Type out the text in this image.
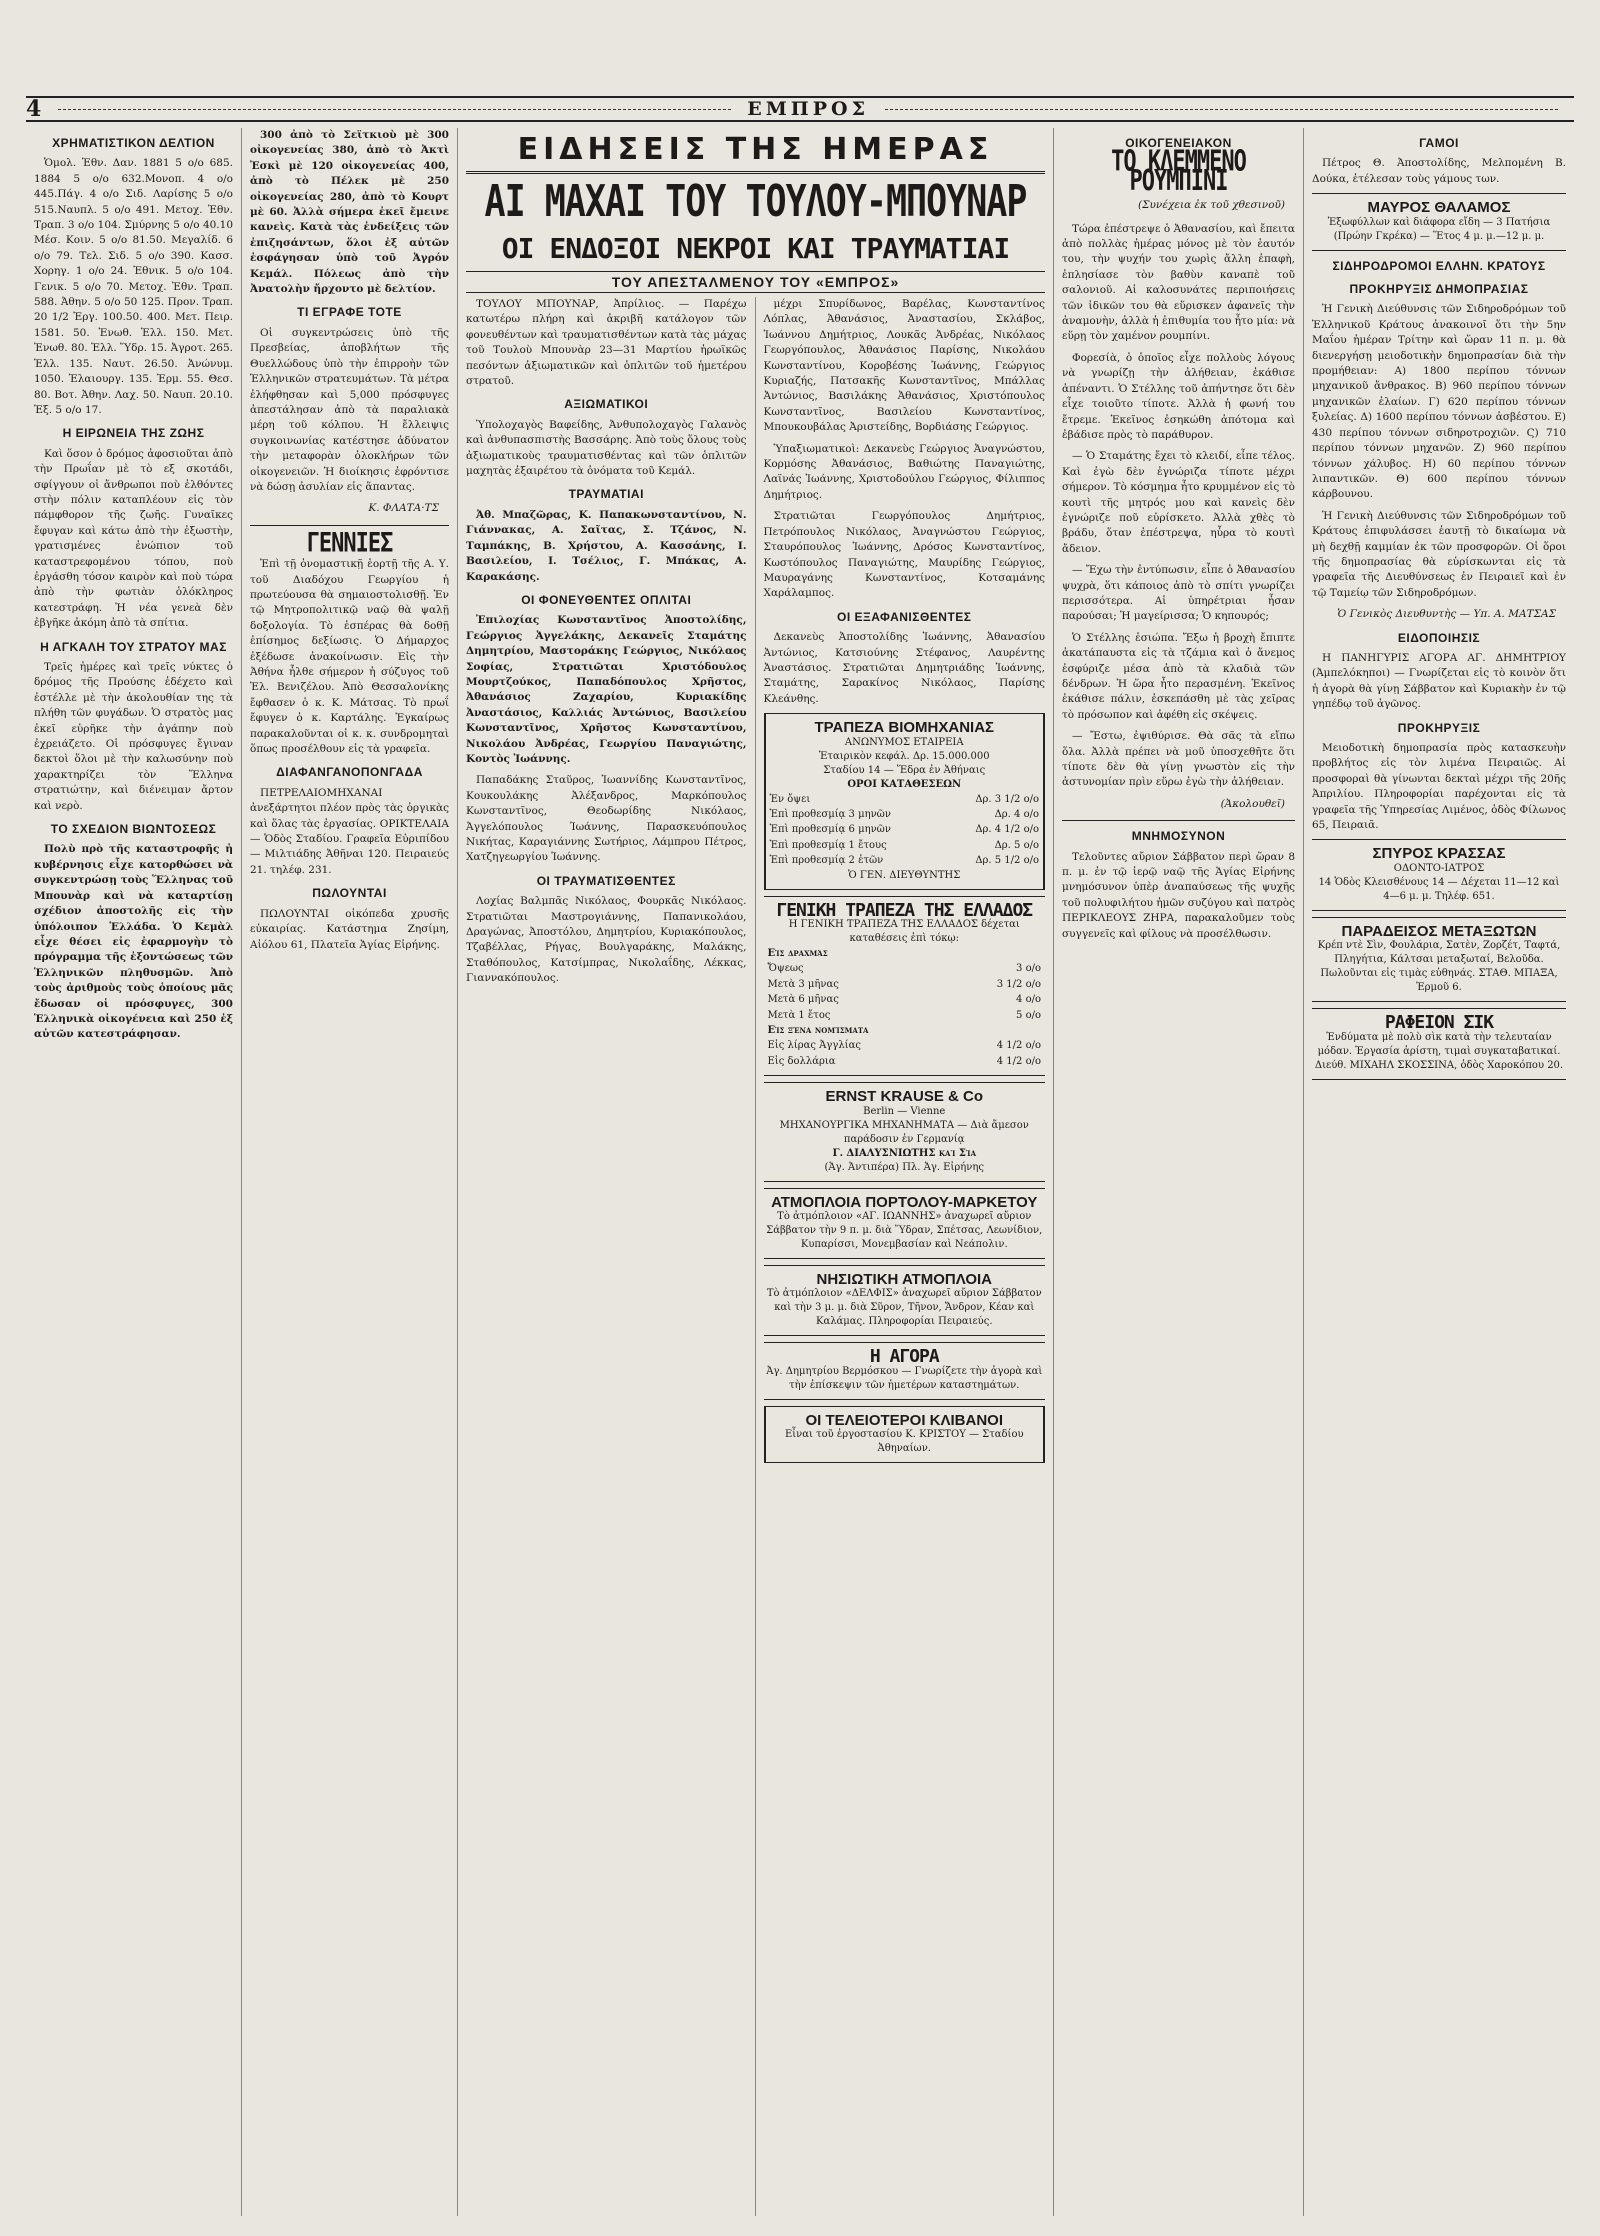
4	ΕΜΠΡΟΣ
ΧΡΗΜΑΤΙΣΤΙΚΟΝ ΔΕΛΤΙΟΝ

Ὁμολ. Ἐθν. Δαν. 1881 5 ο/ο 685. 1884 5 ο/ο 632.Μονοπ. 4 ο/ο 445.Πάγ. 4 ο/ο Σιδ. Λαρίσης 5 ο/ο 515.Ναυπλ. 5 ο/ο 491. Μετοχ. Ἐθν. Τραπ. 3 ο/ο 104. Σμύρνης 5 ο/ο 40.10 Μέσ. Κοιν. 5 ο/ο 81.50. Μεγαλίδ. 6 ο/ο 79. Τελ. Σιδ. 5 ο/ο 390. Κασσ. Χορηγ. 1 ο/ο 24. Ἐθνικ. 5 ο/ο 104. Γενικ. 5 ο/ο 70. Μετοχ. Ἐθν. Τραπ. 588. Ἀθην. 5 ο/ο 50 125. Προν. Τραπ. 20 1/2 Ἐργ. 100.50. 400. Μετ. Πειρ. 1581. 50. Ἐνωθ. Ἑλλ. 150. Μετ. Ἐνωθ. 80. Ἑλλ. Ὕδρ. 15. Ἀγροτ. 265. Ἑλλ. 135. Ναυτ. 26.50. Ἀνώνυμ. 1050. Ἐλαιουργ. 135. Ἑρμ. 55. Θεσ. 80. Βοτ. Ἀθην. Λαχ. 50. Ναυπ. 20.10. Ἐξ. 5 ο/ο 17.

Η ΕΙΡΩΝΕΙΑ ΤΗΣ ΖΩΗΣ

Καὶ ὅσον ὁ δρόμος ἀφοσιοῦται ἀπὸ τὴν Πρωΐαν μὲ τὸ εξ σκοτάδι, σφίγγουν οἱ ἄνθρωποι ποὺ ἐλθόντες στὴν πόλιν καταπλέουν εἰς τὸν πάμφθορον τῆς ζωῆς. Γυναῖκες ἔφυγαν καὶ κάτω ἀπὸ τὴν ἐξωστὴν, γρατισμένες ἐνώπιον τοῦ καταστρεφομένου τόπου, ποὺ ἐργάσθη τόσον καιρὸν καὶ ποὺ τώρα ἀπὸ τὴν φωτιὰν ὁλόκληρος κατεστράφη. Ἡ νέα γενεὰ δὲν ἐβγῆκε ἀκόμη ἀπὸ τὰ σπίτια.

Η ΑΓΚΑΛΗ ΤΟΥ ΣΤΡΑΤΟΥ ΜΑΣ

Τρεῖς ἡμέρες καὶ τρεῖς νύκτες ὁ δρόμος τῆς Προύσης ἐδέχετο καὶ ἐστέλλε μὲ τὴν ἀκολουθίαν της τὰ πλήθη τῶν φυγάδων. Ὁ στρατὸς μας ἐκεῖ εὑρῆκε τὴν ἀγάπην ποὺ ἐχρειάζετο. Οἱ πρόσφυγες ἔγιναν δεκτοὶ ὅλοι μὲ τὴν καλωσύνην ποὺ χαρακτηρίζει τὸν Ἕλληνα στρατιώτην, καὶ διένειμαν ἄρτον καὶ νερὸ.

ΤΟ ΣΧΕΔΙΟΝ ΒΙΩΝΤΟΣΕΩΣ

Πολὺ πρὸ τῆς καταστροφῆς ἡ κυβέρνησις εἶχε κατορθώσει νὰ συγκεντρώσῃ τοὺς Ἕλληνας τοῦ Μπουνὰρ καὶ νὰ καταρτίσῃ σχέδιον ἀποστολῆς εἰς τὴν ὑπόλοιπον Ἑλλάδα. Ὁ Κεμὰλ εἶχε θέσει εἰς ἐφαρμογὴν τὸ πρόγραμμα τῆς ἐξοντώσεως τῶν Ἑλληνικῶν πληθυσμῶν. Ἀπὸ τοὺς ἀριθμοὺς τοὺς ὁποίους μᾶς ἔδωσαν οἱ πρόσφυγες, 300 Ἑλληνικὰ οἰκογένεια καὶ 250 ἐξ αὐτῶν κατεστράφησαν.

300 ἀπὸ τὸ Σεϊτκιοὺ μὲ 300 οἰκογενείας 380, ἀπὸ τὸ Ἀκτὶ Ἐσκὶ μὲ 120 οἰκογενείας 400, ἀπὸ τὸ Πέλεκ μὲ 250 οἰκογενείας 280, ἀπὸ τὸ Κουρτ μὲ 60. Ἀλλὰ σήμερα ἐκεῖ ἔμεινε κανεὶς. Κατὰ τὰς ἐνδείξεις τῶν ἐπιζησάντων, ὅλοι ἐξ αὐτῶν ἐσφάγησαν ὑπὸ τοῦ Ἀγρόν Κεμάλ. Πόλεως ἀπὸ τὴν Ἀνατολὴν ἤρχοντο μὲ δελτίον.

ΤΙ ΕΓΡΑΦΕ ΤΟΤΕ

Οἱ συγκεντρώσεις ὑπὸ τῆς Πρεσβείας, ἀποβλήτων τῆς Θυελλώδους ὑπὸ τὴν ἐπιρροὴν τῶν Ἑλληνικῶν στρατευμάτων. Τὰ μέτρα ἐλήφθησαν καὶ 5,000 πρόσφυγες ἀπεστάλησαν ἀπὸ τὰ παραλιακὰ μέρη τοῦ κόλπου. Ἡ ἔλλειψις συγκοινωνίας κατέστησε ἀδύνατον τὴν μεταφορὰν ὁλοκλήρων τῶν οἰκογενειῶν. Ἡ διοίκησις ἐφρόντισε νὰ δώσῃ ἀσυλίαν εἰς ἅπαντας.

Κ. ΦΛΑΤΑ·ΤΣ
ΓΕΝΝΙΕΣ

Ἐπὶ τῇ ὀνομαστικῇ ἑορτῇ τῆς Α. Υ. τοῦ Διαδόχου Γεωργίου ἡ πρωτεύουσα θὰ σημαιοστολισθῇ. Ἐν τῷ Μητροπολιτικῷ ναῷ θὰ ψαλῇ δοξολογία. Τὸ ἑσπέρας θὰ δοθῇ ἐπίσημος δεξίωσις. Ὁ Δήμαρχος ἐξέδωσε ἀνακοίνωσιν. Εἰς τὴν Ἀθήνα ἦλθε σήμερον ἡ σύζυγος τοῦ Ἐλ. Βενιζέλου. Ἀπὸ Θεσσαλονίκης ἔφθασεν ὁ κ. Κ. Μάτσας. Τὸ πρωΐ ἔφυγεν ὁ κ. Καρτάλης. Ἐγκαίρως παρακαλοῦνται οἱ κ. κ. συνδρομηταὶ ὅπως προσέλθουν εἰς τὰ γραφεῖα.

ΔΙΑΦΑΝΓΑΝΟΠΟΝΓΑΔΑ

ΠΕΤΡΕΛΑΙΟΜΗΧΑΝΑΙ ἀνεξάρτητοι πλέον πρὸς τὰς ὀργικὰς καὶ ὅλας τὰς ἐργασίας. ΟΡΙΚΤΕΛΑΙΑ — Ὁδὸς Σταδίου. Γραφεῖα Εὐριπίδου — Μιλτιάδης Ἀθῆναι 120. Πειραιεύς 21. τηλέφ. 231.

ΠΩΛΟΥΝΤΑΙ

ΠΩΛΟΥΝΤΑΙ οἰκόπεδα χρυσῆς εὐκαιρίας. Κατάστημα Ζησίμη, Αἰόλου 61, Πλατεῖα Ἁγίας Εἰρήνης.

ΕΙΔΗΣΕΙΣ ΤΗΣ ΗΜΕΡΑΣ
ΑΙ ΜΑΧΑΙ ΤΟΥ ΤΟΥΛΟΥ-ΜΠΟΥΝΑΡ
ΟΙ ΕΝΔΟΞΟΙ ΝΕΚΡΟΙ ΚΑΙ ΤΡΑΥΜΑΤΙΑΙ
ΤΟΥ ΑΠΕΣΤΑΛΜΕΝΟΥ ΤΟΥ «ΕΜΠΡΟΣ»

ΤΟΥΛΟΥ ΜΠΟΥΝΑΡ, Ἀπρίλιος. — Παρέχω κατωτέρω πλήρη καὶ ἀκριβῆ κατάλογον τῶν φονευθέντων καὶ τραυματισθέντων κατὰ τὰς μάχας τοῦ Τουλοὺ Μπουνὰρ 23—31 Μαρτίου ἡρωϊκῶς πεσόντων ἀξιωματικῶν καὶ ὁπλιτῶν τοῦ ἡμετέρου στρατοῦ.

ΑΞΙΩΜΑΤΙΚΟΙ

Ὑπολοχαγὸς Βαφείδης, Ἀνθυπολοχαγὸς Γαλανὸς καὶ ἀνθυπασπιστὴς Βασσάρης. Ἀπὸ τοὺς ὅλους τοὺς ἀξιωματικοὺς τραυματισθέντας καὶ τῶν ὁπλιτῶν μαχητὰς ἐξαιρέτου τὰ ὀνόματα τοῦ Κεμάλ.

ΤΡΑΥΜΑΤΙΑΙ

Ἀθ. Μπαζῶρας, Κ. Παπακωνσταντίνου, Ν. Γιάννακας, Α. Σαῖτας, Σ. Τζάνος, Ν. Ταμπάκης, Β. Χρήστου, Α. Κασσάνης, Ι. Βασιλείου, Ι. Τσέλιος, Γ. Μπάκας, Α. Καρακάσης.

ΟΙ ΦΟΝΕΥΘΕΝΤΕΣ ΟΠΛΙΤΑΙ

Ἐπιλοχίας Κωνσταντῖνος Ἀποστολίδης, Γεώργιος Ἀγγελάκης, Δεκανεῖς Σταμάτης Δημητρίου, Μαστοράκης Γεώργιος, Νικόλαος Σοφίας, Στρατιῶται Χριστόδουλος Μουρτζούκος, Παπαδόπουλος Χρῆστος, Ἀθανάσιος Ζαχαρίου, Κυριακίδης Ἀναστάσιος, Καλλιάς Ἀντώνιος, Βασιλείου Κωνσταντῖνος, Χρῆστος Κωνσταντίνου, Νικολάου Ἀνδρέας, Γεωργίου Παναγιώτης, Κοντὸς Ἰωάννης.

Παπαδάκης Σταῦρος, Ἰωαννίδης Κωνσταντῖνος, Κουκουλάκης Ἀλέξανδρος, Μαρκόπουλος Κωνσταντῖνος, Θεοδωρίδης Νικόλαος, Ἀγγελόπουλος Ἰωάννης, Παρασκευόπουλος Νικήτας, Καραγιάννης Σωτήριος, Λάμπρου Πέτρος, Χατζηγεωργίου Ἰωάννης.

ΟΙ ΤΡΑΥΜΑΤΙΣΘΕΝΤΕΣ

Λοχίας Βαλμπᾶς Νικόλαος, Φουρκᾶς Νικόλαος. Στρατιῶται Μαστρογιάννης, Παπανικολάου, Δραγώνας, Ἀποστόλου, Δημητρίου, Κυριακόπουλος, Τζαβέλλας, Ρήγας, Βουλγαράκης, Μαλάκης, Σταθόπουλος, Κατσίμπρας, Νικολαΐδης, Λέκκας, Γιαννακόπουλος.

μέχρι Σπυρίδωνος, Βαρέλας, Κωνσταντίνος Λόπλας, Ἀθανάσιος, Ἀναστασίου, Σκλάβος, Ἰωάννου Δημήτριος, Λουκᾶς Ἀνδρέας, Νικόλαος Γεωργόπουλος, Ἀθανάσιος Παρίσης, Νικολάου Κωνσταντίνου, Κοροβέσης Ἰωάννης, Γεώργιος Κυριαζής, Πατσακῆς Κωνσταντῖνος, Μπάλλας Ἀντώνιος, Βασιλάκης Ἀθανάσιος, Χριστόπουλος Κωνσταντῖνος, Βασιλείου Κωνσταντίνος, Μπουκουβάλας Ἀριστείδης, Βορδιάσης Γεώργιος.

Ὑπαξιωματικοὶ: Δεκανεὺς Γεώργιος Ἀναγνώστου, Κορμόσης Ἀθανάσιος, Βαθιώτης Παναγιώτης, Λαϊνάς Ἰωάννης, Χριστοδούλου Γεώργιος, Φίλιππος Δημήτριος.

Στρατιῶται Γεωργόπουλος Δημήτριος, Πετρόπουλος Νικόλαος, Ἀναγνώστου Γεώργιος, Σταυρόπουλος Ἰωάννης, Δρόσος Κωνσταντίνος, Κωστόπουλος Παναγιώτης, Μαυρίδης Γεώργιος, Μαυραγάνης Κωνσταντίνος, Κοτσαμάνης Χαράλαμπος.

ΟΙ ΕΞΑΦΑΝΙΣΘΕΝΤΕΣ

Δεκανεὺς Ἀποστολίδης Ἰωάννης, Ἀθανασίου Ἀντώνιος, Κατσιούνης Στέφανος, Λαυρέντης Ἀναστάσιος. Στρατιῶται Δημητριάδης Ἰωάννης, Σταμάτης, Σαρακίνος Νικόλαος, Παρίσης Κλεάνθης.

ΤΡΑΠΕΖΑ ΒΙΟΜΗΧΑΝΙΑΣ
ΑΝΩΝΥΜΟΣ ΕΤΑΙΡΕΙΑ
Ἐταιρικὸν κεφάλ. Δρ. 15.000.000
Σταδίου 14 — Ἕδρα ἐν Ἀθήναις
ΟΡΟΙ ΚΑΤΑΘΕΣΕΩΝ
Ἐν ὄψει	Δρ. 3 1/2 ο/ο
Ἐπὶ προθεσμίᾳ 3 μηνῶν	Δρ. 4 ο/ο
Ἐπὶ προθεσμίᾳ 6 μηνῶν	Δρ. 4 1/2 ο/ο
Ἐπὶ προθεσμίᾳ 1 ἔτους	Δρ. 5 ο/ο
Ἐπὶ προθεσμίᾳ 2 ἐτῶν	Δρ. 5 1/2 ο/ο
Ὁ ΓΕΝ. ΔΙΕΥΘΥΝΤΗΣ
ΓΕΝΙΚΗ ΤΡΑΠΕΖΑ ΤΗΣ ΕΛΛΑΔΟΣ
Η ΓΕΝΙΚΗ ΤΡΑΠΕΖΑ ΤΗΣ ΕΛΛΑΔΟΣ δέχεται καταθέσεις ἐπὶ τόκῳ:
Εἰς δραχμάς	
Ὄψεως	3 ο/ο
Μετὰ 3 μῆνας	3 1/2 ο/ο
Μετὰ 6 μῆνας	4 ο/ο
Μετὰ 1 ἔτος	5 ο/ο
Εἰς ξένα νομίσματα	
Εἰς λίρας Ἀγγλίας	4 1/2 ο/ο
Εἰς δολλάρια	4 1/2 ο/ο
ERNST KRAUSE & Co
Berlin — Vienne
ΜΗΧΑΝΟΥΡΓΙΚΑ ΜΗΧΑΝΗΜΑΤΑ — Διὰ ἄμεσον παράδοσιν ἐν Γερμανίᾳ
Γ. ΔΙΑΛΥΣΝΙΩΤΗΣ καὶ Σία
(Ἁγ. Ἀντιπέρα) Πλ. Ἀγ. Εἰρήνης
ΑΤΜΟΠΛΟΙΑ ΠΟΡΤΟΛΟΥ-ΜΑΡΚΕΤΟΥ
Τὸ ἀτμόπλοιον «ΑΓ. ΙΩΑΝΝΗΣ» ἀναχωρεῖ αὔριον Σάββατον τὴν 9 π. μ. διὰ Ὕδραν, Σπέτσας, Λεωνίδιον, Κυπαρίσσι, Μονεμβασίαν καὶ Νεάπολιν.
ΝΗΣΙΩΤΙΚΗ ΑΤΜΟΠΛΟΙΑ
Τὸ ἀτμόπλοιον «ΔΕΛΦΙΣ» ἀναχωρεῖ αὔριον Σάββατον καὶ τὴν 3 μ. μ. διὰ Σῦρον, Τῆνον, Ἄνδρον, Κέαν καὶ Καλάμας. Πληροφορίαι Πειραιεύς.
Η ΑΓΟΡΑ
Ἀγ. Δημητρίου Βερμόσκου — Γνωρίζετε τὴν ἀγορὰ καὶ τὴν ἐπίσκεψιν τῶν ἡμετέρων καταστημάτων.
ΟΙ ΤΕΛΕΙΟΤΕΡΟΙ ΚΛΙΒΑΝΟΙ
Εἶναι τοῦ ἐργοστασίου Κ. ΚΡΙΣΤΟΥ — Σταδίου Ἀθηναίων.
ΟΙΚΟΓΕΝΕΙΑΚΟΝ
ΤΟ ΚΛΕΜΜΕΝΟ ΡΟΥΜΠΙΝΙ
(Συνέχεια ἐκ τοῦ χθεσινοῦ)

Τώρα ἐπέστρεψε ὁ Ἀθανασίου, καὶ ἔπειτα ἀπὸ πολλὰς ἡμέρας μόνος μὲ τὸν ἑαυτόν του, τὴν ψυχήν του χωρὶς ἄλλη ἐπαφὴ, ἐπλησίασε τὸν βαθὺν καναπὲ τοῦ σαλονιοῦ. Αἱ καλοσυνάτες περιποιήσεις τῶν ἰδικῶν του θὰ εὕρισκεν ἀφανεῖς τὴν ἀναμονὴν, ἀλλὰ ἡ ἐπιθυμία του ἦτο μία: νὰ εὕρῃ τὸν χαμένον ρουμπίνι.

Φορεσίὰ, ὁ ὁποῖος εἶχε πολλοὺς λόγους νὰ γνωρίζῃ τὴν ἀλήθειαν, ἐκάθισε ἀπέναντι. Ὁ Στέλλης τοῦ ἀπήντησε ὅτι δὲν εἶχε τοιοῦτο τίποτε. Ἀλλὰ ἡ φωνή του ἔτρεμε. Ἐκεῖνος ἐσηκώθη ἀπότομα καὶ ἐβάδισε πρὸς τὸ παράθυρον.

— Ὁ Σταμάτης ἔχει τὸ κλειδί, εἶπε τέλος. Καὶ ἐγὼ δὲν ἐγνώριζα τίποτε μέχρι σήμερον. Τὸ κόσμημα ἦτο κρυμμένον εἰς τὸ κουτὶ τῆς μητρός μου καὶ κανεὶς δὲν ἐγνώριζε ποῦ εὑρίσκετο. Ἀλλὰ χθὲς τὸ βράδυ, ὅταν ἐπέστρεψα, ηὗρα τὸ κουτὶ ἄδειον.

— Ἔχω τὴν ἐντύπωσιν, εἶπε ὁ Ἀθανασίου ψυχρὰ, ὅτι κάποιος ἀπὸ τὸ σπίτι γνωρίζει περισσότερα. Αἱ ὑπηρέτριαι ἦσαν παρούσαι; Ἡ μαγείρισσα; Ὁ κηπουρός;

Ὁ Στέλλης ἐσιώπα. Ἔξω ἡ βροχὴ ἔπιπτε ἀκατάπαυστα εἰς τὰ τζάμια καὶ ὁ ἄνεμος ἐσφύριζε μέσα ἀπὸ τὰ κλαδιὰ τῶν δένδρων. Ἡ ὥρα ἦτο περασμένη. Ἐκεῖνος ἐκάθισε πάλιν, ἐσκεπάσθη μὲ τὰς χεῖρας τὸ πρόσωπον καὶ ἀφέθη εἰς σκέψεις.

— Ἔστω, ἐψιθύρισε. Θὰ σᾶς τὰ εἴπω ὅλα. Ἀλλὰ πρέπει νὰ μοῦ ὑποσχεθῆτε ὅτι τίποτε δὲν θὰ γίνῃ γνωστὸν εἰς τὴν ἀστυνομίαν πρὶν εὕρω ἐγὼ τὴν ἀλήθειαν.

(Ἀκολουθεῖ)
ΜΝΗΜΟΣΥΝΟΝ

Τελοῦντες αὔριον Σάββατον περὶ ὥραν 8 π. μ. ἐν τῷ ἱερῷ ναῷ τῆς Ἁγίας Εἰρήνης μνημόσυνον ὑπὲρ ἀναπαύσεως τῆς ψυχῆς τοῦ πολυφιλήτου ἡμῶν συζύγου καὶ πατρὸς ΠΕΡΙΚΛΕΟΥΣ ΖΗΡΑ, παρακαλοῦμεν τοὺς συγγενεῖς καὶ φίλους νὰ προσέλθωσιν.

ΓΑΜΟΙ

Πέτρος Θ. Ἀποστολίδης, Μελπομένη Β. Δούκα, ἐτέλεσαν τοὺς γάμους των.

ΜΑΥΡΟΣ ΘΑΛΑΜΟΣ
Ἐξωφύλλων καὶ διάφορα εἴδη — 3 Πατήσια (Πρώην Γκρέκα) — Ἕτος 4 μ. μ.—12 μ. μ.
ΣΙΔΗΡΟΔΡΟΜΟΙ ΕΛΛΗΝ. ΚΡΑΤΟΥΣ
ΠΡΟΚΗΡΥΞΙΣ ΔΗΜΟΠΡΑΣΙΑΣ

Ἡ Γενικὴ Διεύθυνσις τῶν Σιδηροδρόμων τοῦ Ἑλληνικοῦ Κράτους ἀνακοινοῖ ὅτι τὴν 5ην Μαΐου ἡμέραν Τρίτην καὶ ὥραν 11 π. μ. θὰ διενεργήσῃ μειοδοτικὴν δημοπρασίαν διὰ τὴν προμήθειαν: Α) 1800 περίπου τόννων μηχανικοῦ ἄνθρακος. Β) 960 περίπου τόννων μηχανικῶν ἐλαίων. Γ) 620 περίπου τόννων ξυλείας. Δ) 1600 περίπου τόννων ἀσβέστου. Ε) 430 περίπου τόννων σιδηροτροχιῶν. Ϛ) 710 περίπου τόννων μηχανῶν. Ζ) 960 περίπου τόννων χάλυβος. Η) 60 περίπου τόννων λιπαντικῶν. Θ) 600 περίπου τόννων κάρβουνου.

Ἡ Γενικὴ Διεύθυνσις τῶν Σιδηροδρόμων τοῦ Κράτους ἐπιφυλάσσει ἑαυτῇ τὸ δικαίωμα νὰ μὴ δεχθῇ καμμίαν ἐκ τῶν προσφορῶν. Οἱ ὅροι τῆς δημοπρασίας θὰ εὑρίσκωνται εἰς τὰ γραφεῖα τῆς Διευθύνσεως ἐν Πειραιεῖ καὶ ἐν τῷ Ταμείῳ τῶν Σιδηροδρόμων.

Ὁ Γενικὸς Διευθυντὴς — Υπ. Α. ΜΑΤΣΑΣ
ΕΙΔΟΠΟΙΗΣΙΣ

Η ΠΑΝΗΓΥΡΙΣ ΑΓΟΡΑ ΑΓ. ΔΗΜΗΤΡΙΟΥ (Ἀμπελόκηποι) — Γνωρίζεται εἰς τὸ κοινὸν ὅτι ἡ ἀγορὰ θὰ γίνῃ Σάββατον καὶ Κυριακὴν ἐν τῷ γηπέδῳ τοῦ ἀγῶνος.

ΠΡΟΚΗΡΥΞΙΣ

Μειοδοτικὴ δημοπρασία πρὸς κατασκευὴν προβλήτος εἰς τὸν λιμένα Πειραιῶς. Αἱ προσφοραὶ θὰ γίνωνται δεκταὶ μέχρι τῆς 20ῆς Ἀπριλίου. Πληροφορίαι παρέχονται εἰς τὰ γραφεῖα τῆς Ὑπηρεσίας Λιμένος, ὁδὸς Φίλωνος 65, Πειραιᾶ.

ΣΠΥΡΟΣ ΚΡΑΣΣΑΣ
ΟΔΟΝΤΟ-ΙΑΤΡΟΣ
14 Ὁδὸς Κλεισθένους 14 — Δέχεται 11—12 καὶ 4—6 μ. μ. Τηλέφ. 651.
ΠΑΡΑΔΕΙΣΟΣ ΜΕΤΑΞΩΤΩΝ
Κρέπ ντὲ Σὶν, Φουλάρια, Σατὲν, Ζορζέτ, Ταφτά, Πληγήτια, Κάλτσαι μεταξωταί, Βελοῦδα. Πωλοῦνται εἰς τιμὰς εὐθηνάς. ΣΤΑΘ. ΜΠΑΞΑ, Ἐρμοῦ 6.
ΡΑΦΕΙΟΝ ΣΙΚ
Ἐνδύματα μὲ πολὺ σὶκ κατὰ τὴν τελευταίαν μόδαν. Ἐργασία ἀρίστη, τιμαὶ συγκαταβατικαί. Διεύθ. ΜΙΧΑΗΛ ΣΚΟΣΣΙΝΑ, ὁδὸς Χαροκόπου 20.
